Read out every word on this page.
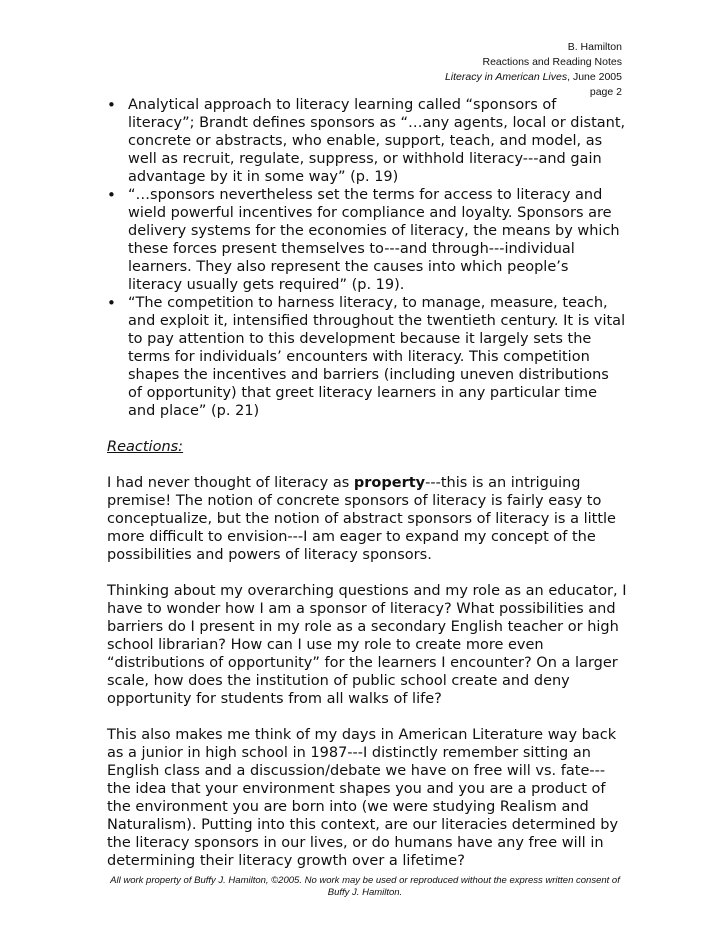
B. Hamilton
Reactions and Reading Notes
Literacy in American Lives, June 2005
page 2
• Analytical approach to literacy learning called “sponsors of literacy”; Brandt defines sponsors as “…any agents, local or distant, concrete or abstracts, who enable, support, teach, and model, as well as recruit, regulate, suppress, or withhold literacy---and gain advantage by it in some way” (p. 19)
• “…sponsors nevertheless set the terms for access to literacy and wield powerful incentives for compliance and loyalty. Sponsors are delivery systems for the economies of literacy, the means by which these forces present themselves to---and through---individual learners. They also represent the causes into which people’s literacy usually gets required” (p. 19).
• “The competition to harness literacy, to manage, measure, teach, and exploit it, intensified throughout the twentieth century. It is vital to pay attention to this development because it largely sets the terms for individuals’ encounters with literacy. This competition shapes the incentives and barriers (including uneven distributions of opportunity) that greet literacy learners in any particular time and place” (p. 21)
Reactions:

I had never thought of literacy as property---this is an intriguing premise! The notion of concrete sponsors of literacy is fairly easy to conceptualize, but the notion of abstract sponsors of literacy is a little more difficult to envision---I am eager to expand my concept of the possibilities and powers of literacy sponsors.

Thinking about my overarching questions and my role as an educator, I have to wonder how I am a sponsor of literacy? What possibilities and barriers do I present in my role as a secondary English teacher or high school librarian? How can I use my role to create more even “distributions of opportunity” for the learners I encounter? On a larger scale, how does the institution of public school create and deny opportunity for students from all walks of life?

This also makes me think of my days in American Literature way back as a junior in high school in 1987---I distinctly remember sitting an English class and a discussion/debate we have on free will vs. fate---the idea that your environment shapes you and you are a product of the environment you are born into (we were studying Realism and Naturalism). Putting into this context, are our literacies determined by the literacy sponsors in our lives, or do humans have any free will in determining their literacy growth over a lifetime?

All work property of Buffy J. Hamilton, ©2005. No work may be used or reproduced without the express written consent of Buffy J. Hamilton.
